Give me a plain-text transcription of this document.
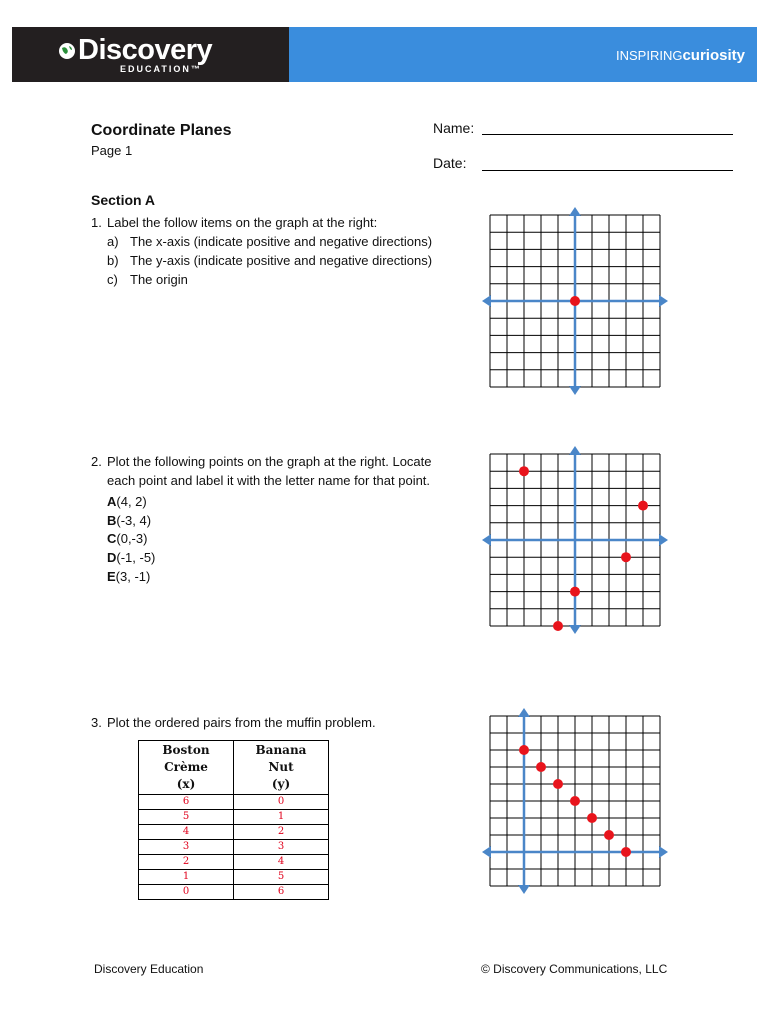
Discovery
EDUCATION™
INSPIRINGcuriosity
Coordinate Planes
Page 1
Name:
Date:
Section A
1. Label the follow items on the graph at the right:
a) The x-axis (indicate positive and negative directions)
b) The y-axis (indicate positive and negative directions)
c) The origin
2. Plot the following points on the graph at the right. Locate
each point and label it with the letter name for that point.
A(4, 2)
B(-3, 4)
C(0,-3)
D(-1, -5)
E(3, -1)
3. Plot the ordered pairs from the muffin problem.
Boston
Crème
(x)	Banana
Nut
(y)
6	0
5	1
4	2
3	3
2	4
1	5
0	6
Discovery Education	© Discovery Communications, LLC
